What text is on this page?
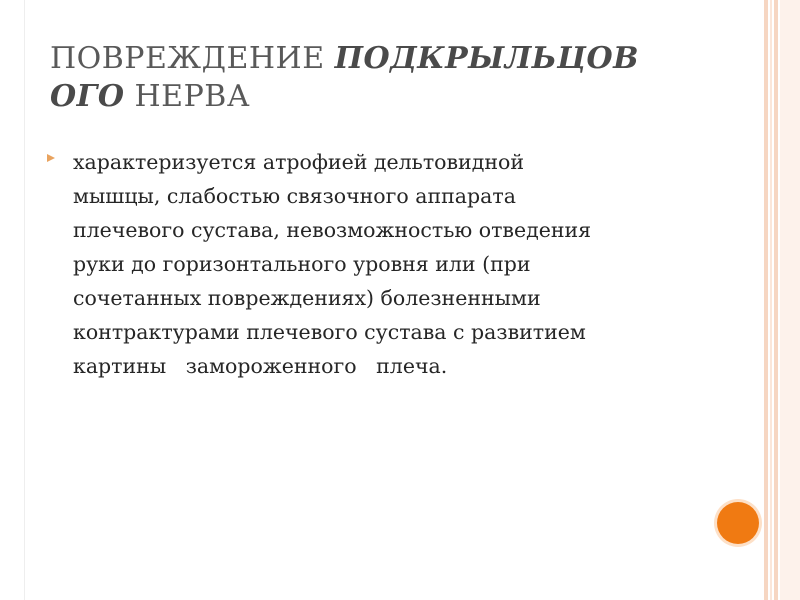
ПОВРЕЖДЕНИЕ ПОДКРЫЛЬЦОВ
ОГО НЕРВА
характеризуется атрофией дельтовидной
мышцы, слабостью связочного аппарата
плечевого сустава, невозможностью отведения
руки до горизонтального уровня или (при
сочетанных повреждениях) болезненными
контрактурами плечевого сустава с развитием
картины   замороженного   плеча.
